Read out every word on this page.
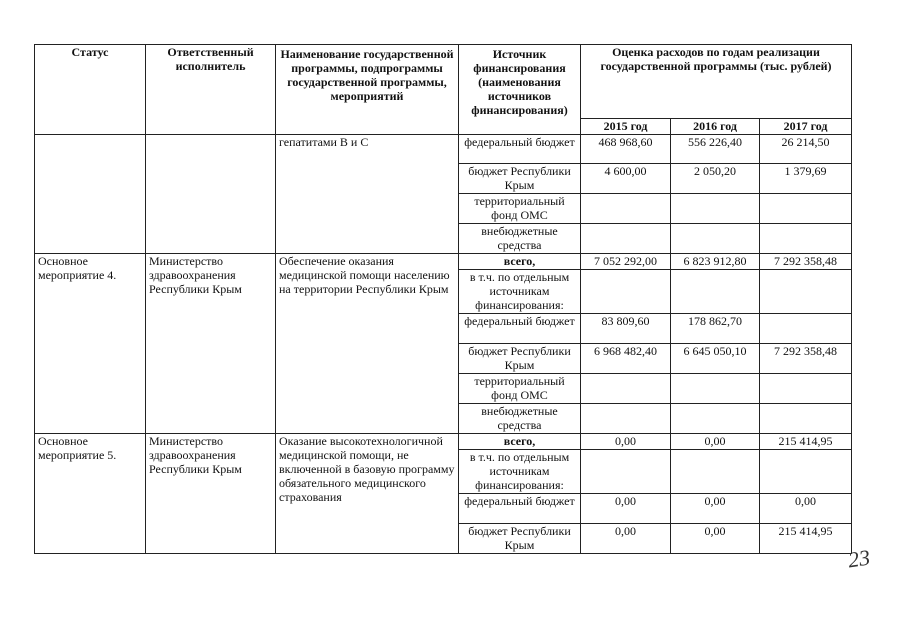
Статус	Ответственный исполнитель	Наименование государственной программы, подпрограммы государственной программы, мероприятий	Источник финансирования (наименования источников финансирования)	Оценка расходов по годам реализации государственной программы (тыс. рублей)		
				2015 год	2016 год	2017 год
		гепатитами В и С	федеральный бюджет	468 968,60	556 226,40	26 214,50
			бюджет Республики Крым	4 600,00	2 050,20	1 379,69
			территориальный фонд ОМС			
			внебюджетные средства			
Основное мероприятие 4.	Министерство здравоохранения Республики Крым	Обеспечение оказания медицинской помощи населению на территории Республики Крым	всего,	7 052 292,00	6 823 912,80	7 292 358,48
			в т.ч. по отдельным источникам финансирования:			
			федеральный бюджет	83 809,60	178 862,70	
			бюджет Республики Крым	6 968 482,40	6 645 050,10	7 292 358,48
			территориальный фонд ОМС			
			внебюджетные средства			
Основное мероприятие 5.	Министерство здравоохранения Республики Крым	Оказание высокотехнологичной медицинской помощи, не включенной в базовую программу обязательного медицинского страхования	всего,	0,00	0,00	215 414,95
			в т.ч. по отдельным источникам финансирования:			
			федеральный бюджет	0,00	0,00	0,00
			бюджет Республики Крым	0,00	0,00	215 414,95
23
